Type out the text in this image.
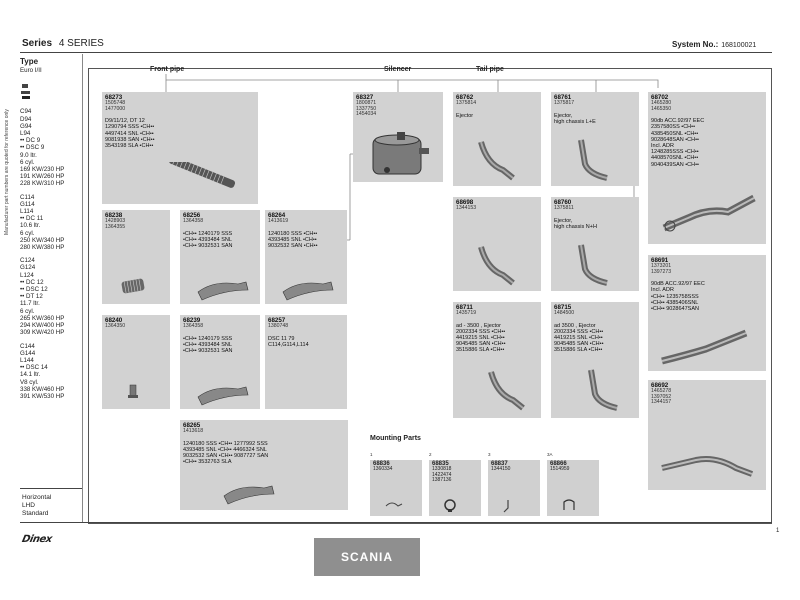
Series 4 SERIES	System No.: 168100021
Manufacturer part numbers are quoted for reference only
Type
Euro I/II
C94
D94
G94
L94
•• DC 9
•• DSC 9
9.0 ltr.
6 cyl.
169 KW/230 HP
191 KW/260 HP
228 KW/310 HP
C114
G114
L114
•• DC 11
10.6 ltr.
6 cyl.
250 KW/340 HP
280 KW/380 HP
C124
G124
L124
•• DC 12
•• DSC 12
•• DT 12
11.7 ltr.
6 cyl.
265 KW/360 HP
294 KW/400 HP
309 KW/420 HP
C144
G144
L144
•• DSC 14
14.1 ltr.
V8 cyl.
338 KW/460 HP
391 KW/530 HP
Horizontal
LHD
Standard
Front pipe	Silencer	Tail pipe
Mounting Parts
68273
1505748
1477000
D9/11/12, DT 12
1290794 SSS •CH••
4497414 SNL •CH••
9081938 SAN •CH••
3543198 SLA •CH••
68327
1800871
1337750
1454034
68762
1375814
Ejector
68761
1375817
Ejector,
high chassis L+E
68702
1465280
1465350
90db ACC.92/97 EEC
2357580SS •CH••
4385450SNL •CH••
9028648SAN •CH••
Incl. ADR
1248285SSS •CH••
4408570SNL •CH••
9040439SAN •CH••
68698
1344153
68760
1375811
Ejector,
high chassis N+H
68238
1428903
1364355
68256
1364358
•CH•• 1240179 SSS
•CH•• 4393484 SNL
•CH•• 9032531 SAN
68264
1413619
1240180 SSS •CH••
4393485 SNL •CH••
9032532 SAN •CH••
68691
1373201
1397273
90dB ACC.92/97 EEC
Incl. ADR
•CH•• 1235758SSS
•CH•• 4385406SNL
•CH•• 9028647SAN
68240
1364350
68239
1364358
•CH•• 1240179 SSS
•CH•• 4393484 SNL
•CH•• 9032531 SAN
68257
1380748
DSC 11 79
C114,G114,L114
68711
1435719
ad - 3500 , Ejector
2002334 SSS •CH••
4419215 SNL •CH••
9045485 SAN •CH••
3515886 SLA •CH••
68715
1484500
ad 3500 , Ejector
2002334 SSS •CH••
4419215 SNL •CH••
9045485 SAN •CH••
3515886 SLA •CH••
68692
1465278
1397052
1344157
68265
1413618
1240180 SSS •CH•• 1277992 SSS
4393485 SNL •CH•• 4466324 SNL
9032532 SAN •CH•• 9087727 SAN
•CH•• 3532763 SLA
1
68836
1360334
2
68835
1330818
1422474
1387136
3
68837
1344150
3A
68866
1514959
Dinex
SCANIA
1
